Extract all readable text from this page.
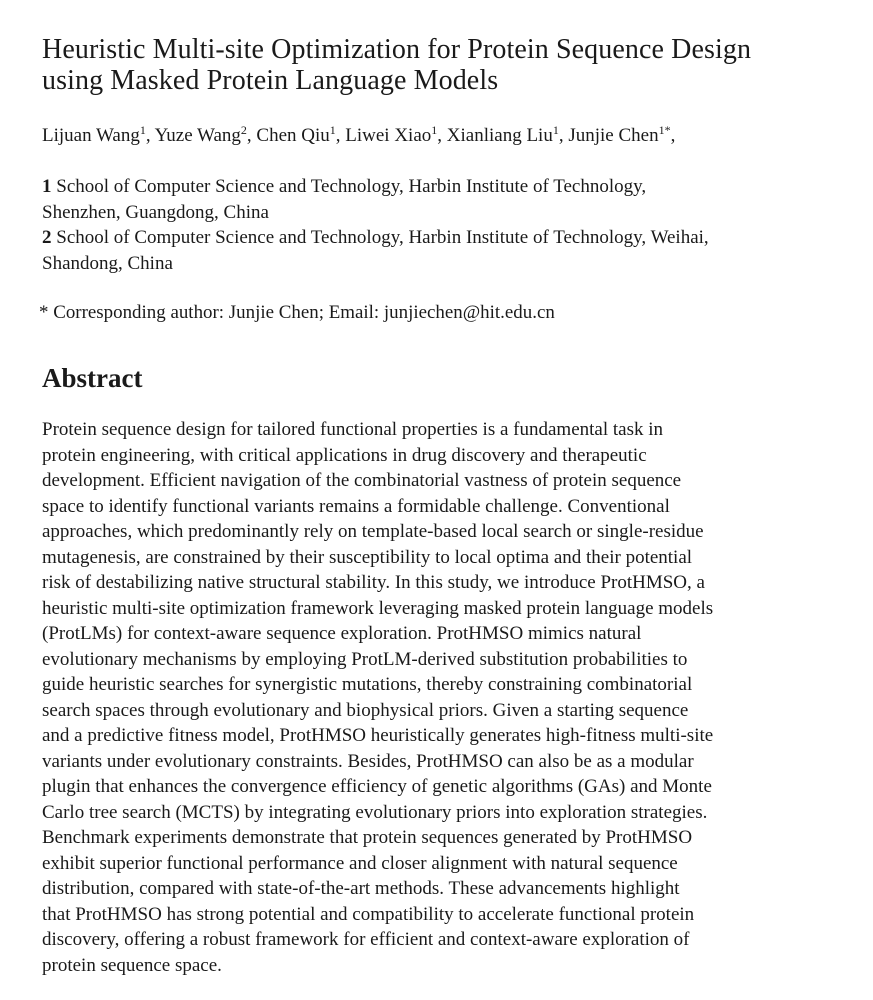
Heuristic Multi-site Optimization for Protein Sequence Design
using Masked Protein Language Models
Lijuan Wang$^1$, Yuze Wang$^2$, Chen Qiu$^1$, Liwei Xiao$^1$, Xianliang Liu$^1$, Junjie Chen$^{1*}$,
1 School of Computer Science and Technology, Harbin Institute of Technology,
Shenzhen, Guangdong, China
2 School of Computer Science and Technology, Harbin Institute of Technology, Weihai,
Shandong, China
* Corresponding author: Junjie Chen; Email: junjiechen@hit.edu.cn
Abstract
Protein sequence design for tailored functional properties is a fundamental task in
protein engineering, with critical applications in drug discovery and therapeutic
development. Efficient navigation of the combinatorial vastness of protein sequence
space to identify functional variants remains a formidable challenge. Conventional
approaches, which predominantly rely on template-based local search or single-residue
mutagenesis, are constrained by their susceptibility to local optima and their potential
risk of destabilizing native structural stability. In this study, we introduce ProtHMSO, a
heuristic multi-site optimization framework leveraging masked protein language models
(ProtLMs) for context-aware sequence exploration. ProtHMSO mimics natural
evolutionary mechanisms by employing ProtLM-derived substitution probabilities to
guide heuristic searches for synergistic mutations, thereby constraining combinatorial
search spaces through evolutionary and biophysical priors. Given a starting sequence
and a predictive fitness model, ProtHMSO heuristically generates high-fitness multi-site
variants under evolutionary constraints. Besides, ProtHMSO can also be as a modular
plugin that enhances the convergence efficiency of genetic algorithms (GAs) and Monte
Carlo tree search (MCTS) by integrating evolutionary priors into exploration strategies.
Benchmark experiments demonstrate that protein sequences generated by ProtHMSO
exhibit superior functional performance and closer alignment with natural sequence
distribution, compared with state-of-the-art methods. These advancements highlight
that ProtHMSO has strong potential and compatibility to accelerate functional protein
discovery, offering a robust framework for efficient and context-aware exploration of
protein sequence space.
